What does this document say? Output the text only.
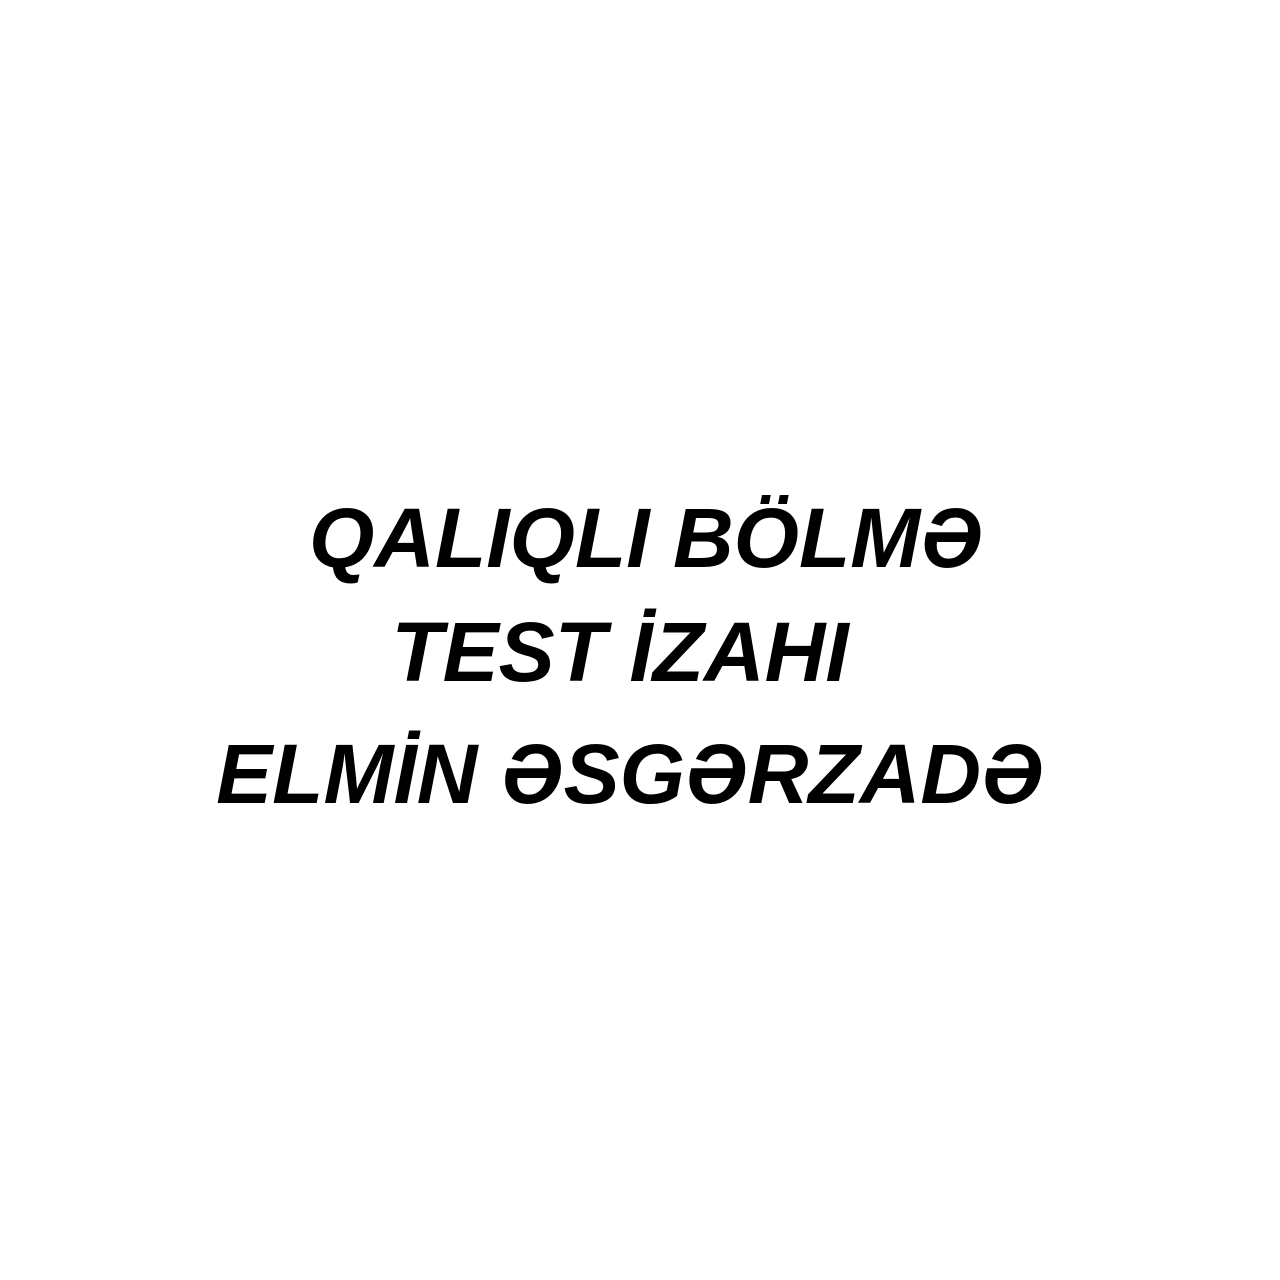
QALIQLI BÖLMƏ
TEST İZAHI
ELMİN ƏSGƏRZADƏ
